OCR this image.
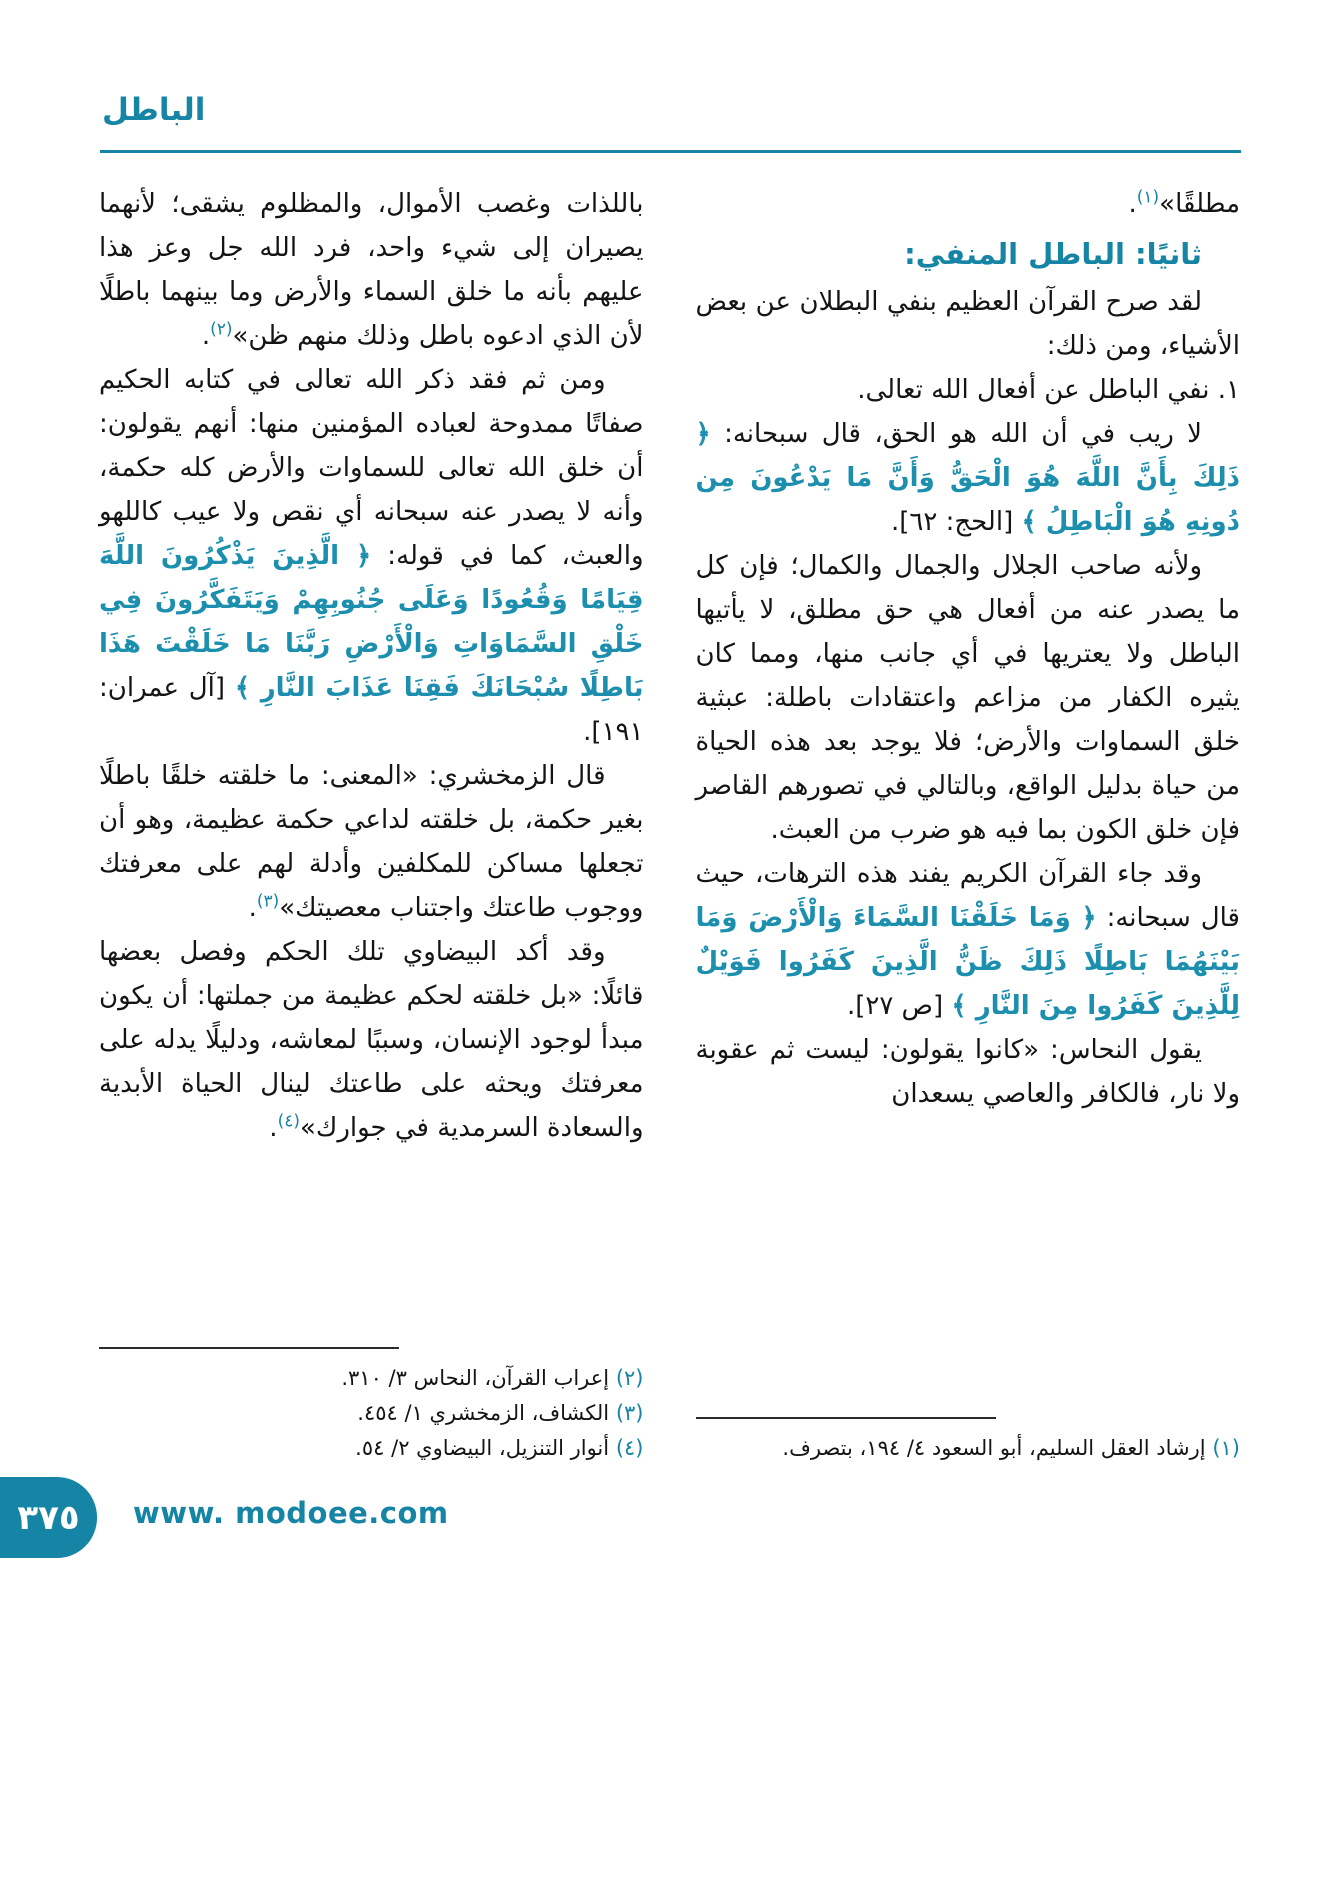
الباطل

مطلقًا»$^{(١)}$.

ثانيًا: الباطل المنفي:

لقد صرح القرآن العظيم بنفي البطلان عن بعض الأشياء، ومن ذلك:

١. نفي الباطل عن أفعال الله تعالى.

لا ريب في أن الله هو الحق، قال سبحانه: ﴿ ذَلِكَ بِأَنَّ اللَّهَ هُوَ الْحَقُّ وَأَنَّ مَا يَدْعُونَ مِن دُونِهِ هُوَ الْبَاطِلُ ﴾ [الحج: ٦٢].

ولأنه صاحب الجلال والجمال والكمال؛ فإن كل ما يصدر عنه من أفعال هي حق مطلق، لا يأتيها الباطل ولا يعتريها في أي جانب منها، ومما كان يثيره الكفار من مزاعم واعتقادات باطلة: عبثية خلق السماوات والأرض؛ فلا يوجد بعد هذه الحياة من حياة بدليل الواقع، وبالتالي في تصورهم القاصر فإن خلق الكون بما فيه هو ضرب من العبث.

وقد جاء القرآن الكريم يفند هذه الترهات، حيث قال سبحانه: ﴿ وَمَا خَلَقْنَا السَّمَاءَ وَالْأَرْضَ وَمَا بَيْنَهُمَا بَاطِلًا ذَلِكَ ظَنُّ الَّذِينَ كَفَرُوا فَوَيْلٌ لِلَّذِينَ كَفَرُوا مِنَ النَّارِ ﴾ [ص ٢٧].

يقول النحاس: «كانوا يقولون: ليست ثم عقوبة ولا نار، فالكافر والعاصي يسعدان

(١) إرشاد العقل السليم، أبو السعود ٤/ ١٩٤، بتصرف.

باللذات وغصب الأموال، والمظلوم يشقى؛ لأنهما يصيران إلى شيء واحد، فرد الله جل وعز هذا عليهم بأنه ما خلق السماء والأرض وما بينهما باطلًا لأن الذي ادعوه باطل وذلك منهم ظن»$^{(٢)}$.

ومن ثم فقد ذكر الله تعالى في كتابه الحكيم صفاتًا ممدوحة لعباده المؤمنين منها: أنهم يقولون: أن خلق الله تعالى للسماوات والأرض كله حكمة، وأنه لا يصدر عنه سبحانه أي نقص ولا عيب كاللهو والعبث، كما في قوله: ﴿ الَّذِينَ يَذْكُرُونَ اللَّهَ قِيَامًا وَقُعُودًا وَعَلَى جُنُوبِهِمْ وَيَتَفَكَّرُونَ فِي خَلْقِ السَّمَاوَاتِ وَالْأَرْضِ رَبَّنَا مَا خَلَقْتَ هَذَا بَاطِلًا سُبْحَانَكَ فَقِنَا عَذَابَ النَّارِ ﴾ [آل عمران: ١٩١].

قال الزمخشري: «المعنى: ما خلقته خلقًا باطلًا بغير حكمة، بل خلقته لداعي حكمة عظيمة، وهو أن تجعلها مساكن للمكلفين وأدلة لهم على معرفتك ووجوب طاعتك واجتناب معصيتك»$^{(٣)}$.

وقد أكد البيضاوي تلك الحكم وفصل بعضها قائلًا: «بل خلقته لحكم عظيمة من جملتها: أن يكون مبدأ لوجود الإنسان، وسببًا لمعاشه، ودليلًا يدله على معرفتك ويحثه على طاعتك لينال الحياة الأبدية والسعادة السرمدية في جوارك»$^{(٤)}$.

(٢) إعراب القرآن، النحاس ٣/ ٣١٠.

(٣) الكشاف، الزمخشري ١/ ٤٥٤.

(٤) أنوار التنزيل، البيضاوي ٢/ ٥٤.

٣٧٥ www. modoee.com
